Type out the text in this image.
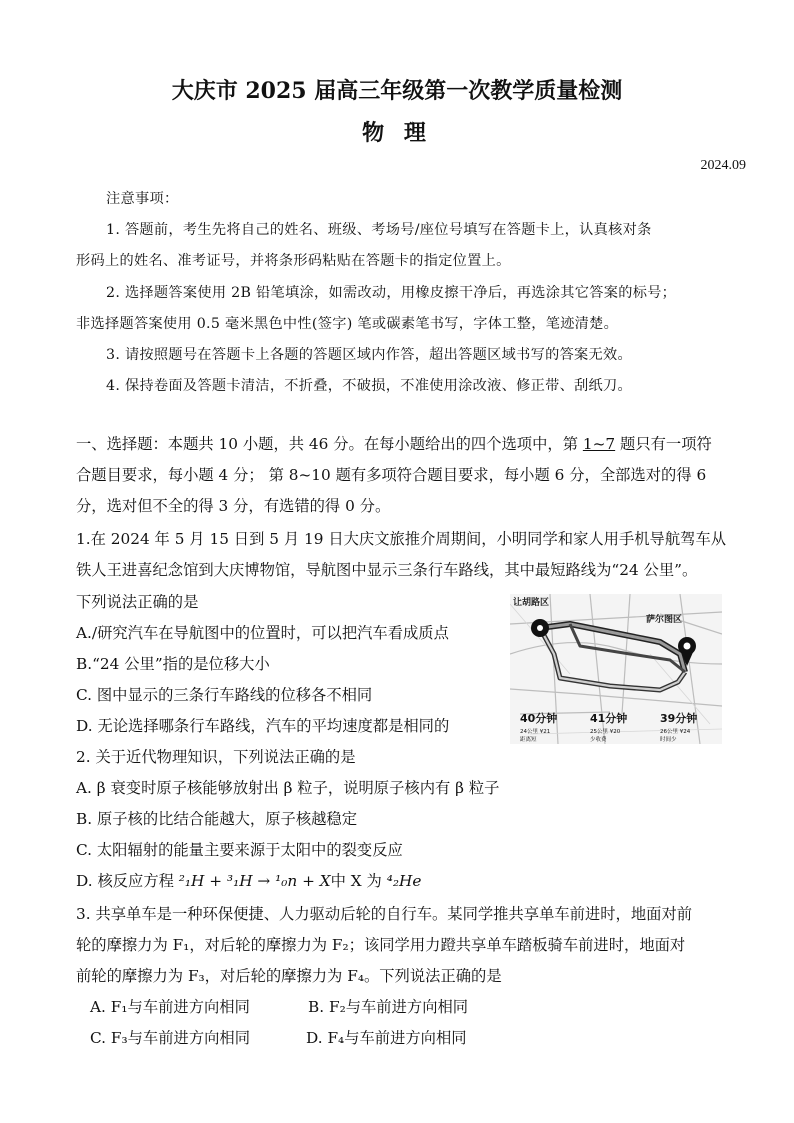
大庆市 2025 届高三年级第一次教学质量检测
物 理
2024.09
注意事项：
1. 答题前，考生先将自己的姓名、班级、考场号/座位号填写在答题卡上，认真核对条
形码上的姓名、准考证号，并将条形码粘贴在答题卡的指定位置上。
2. 选择题答案使用 2B 铅笔填涂，如需改动，用橡皮擦干净后，再选涂其它答案的标号；
非选择题答案使用 0.5 毫米黑色中性(签字) 笔或碳素笔书写，字体工整，笔迹清楚。
3. 请按照题号在答题卡上各题的答题区域内作答，超出答题区域书写的答案无效。
4. 保持卷面及答题卡清洁，不折叠，不破损，不准使用涂改液、修正带、刮纸刀。
一、选择题：本题共 10 小题，共 46 分。在每小题给出的四个选项中，第 1~7 题只有一项符
合题目要求，每小题 4 分； 第 8~10 题有多项符合题目要求，每小题 6 分，全部选对的得 6
分，选对但不全的得 3 分，有选错的得 0 分。
1.在 2024 年 5 月 15 日到 5 月 19 日大庆文旅推介周期间，小明同学和家人用手机导航驾车从
铁人王进喜纪念馆到大庆博物馆，导航图中显示三条行车路线，其中最短路线为“24 公里”。
下列说法正确的是
A./研究汽车在导航图中的位置时，可以把汽车看成质点
B.“24 公里”指的是位移大小
C. 图中显示的三条行车路线的位移各不相同
D. 无论选择哪条行车路线，汽车的平均速度都是相同的
让胡路区
萨尔图区
40分钟
24公里 ¥21
距离短
41分钟
25公里 ¥20
少收费
39分钟
26公里 ¥24
时间少
2. 关于近代物理知识，下列说法正确的是
A. β 衰变时原子核能够放射出 β 粒子，说明原子核内有 β 粒子
B. 原子核的比结合能越大，原子核越稳定
C. 太阳辐射的能量主要来源于太阳中的裂变反应
D. 核反应方程 ²₁H + ³₁H → ¹₀n + X中 X 为 ⁴₂He
3. 共享单车是一种环保便捷、人力驱动后轮的自行车。某同学推共享单车前进时，地面对前
轮的摩擦力为 F₁，对后轮的摩擦力为 F₂；该同学用力蹬共享单车踏板骑车前进时，地面对
前轮的摩擦力为 F₃，对后轮的摩擦力为 F₄。下列说法正确的是
A. F₁与车前进方向相同	B. F₂与车前进方向相同
C. F₃与车前进方向相同	D. F₄与车前进方向相同
